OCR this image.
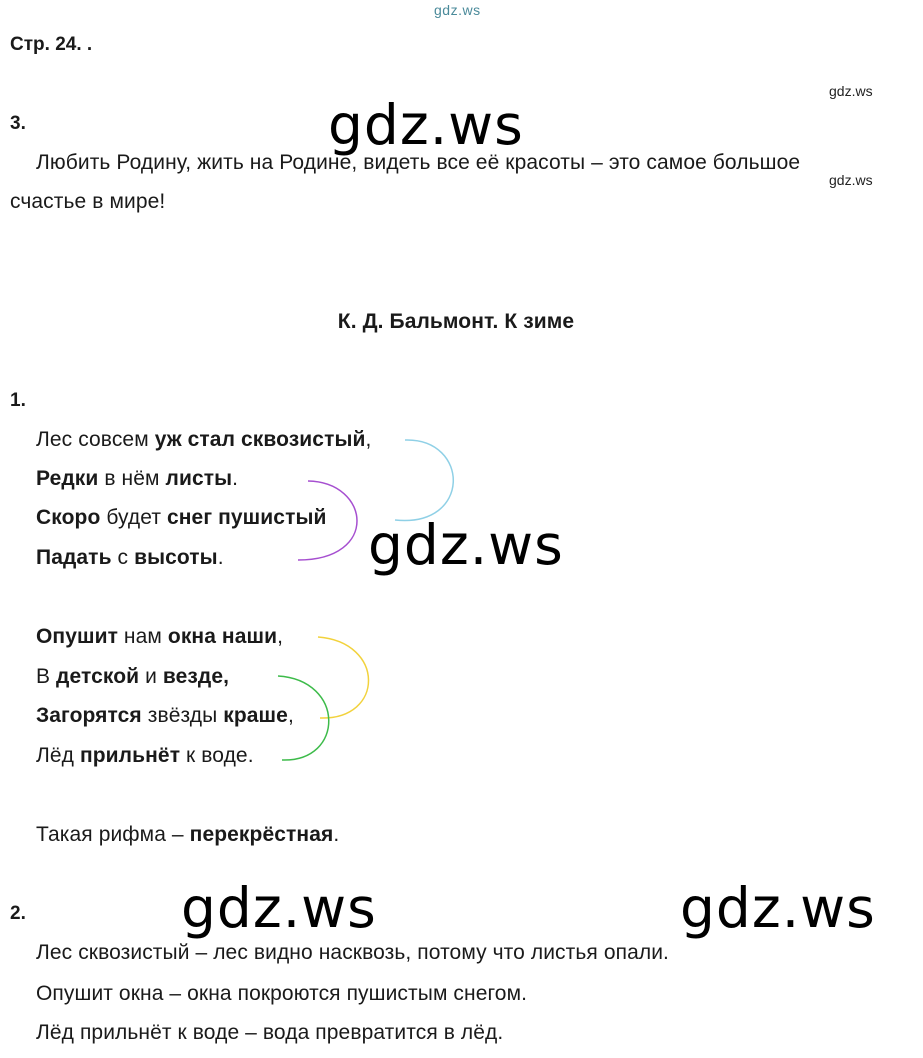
gdz.ws
gdz.ws
gdz.ws
Стр. 24. .
3.
Любить Родину, жить на Родине, видеть все её красоты – это самое большое
счастье в мире!
К. Д. Бальмонт. К зиме
1.
Лес совсем уж стал сквозистый,
Редки в нём листы.
Скоро будет снег пушистый
Падать с высоты.
Опушит нам окна наши,
В детской и везде,
Загорятся звёзды краше,
Лёд прильнёт к воде.
Такая рифма – перекрёстная.
2.
Лес сквозистый – лес видно насквозь, потому что листья опали.
Опушит окна – окна покроются пушистым снегом.
Лёд прильнёт к воде – вода превратится в лёд.
gdz.ws
gdz.ws
gdz.ws	gdz.ws
